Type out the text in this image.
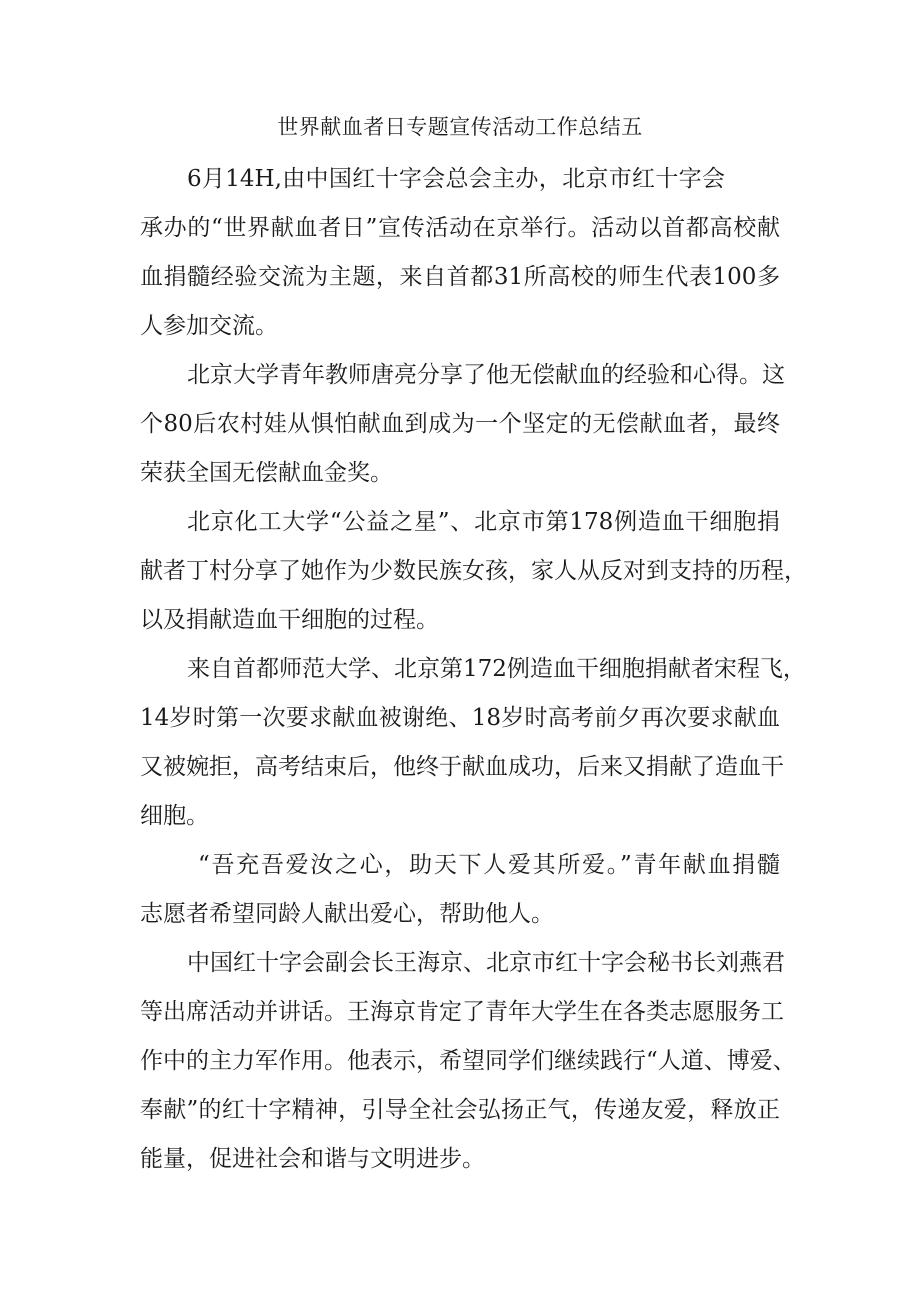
世界献血者日专题宣传活动工作总结五
6月14H,由中国红十字会总会主办，北京市红十字会
承办的“世界献血者日”宣传活动在京举行。活动以首都高校献
血捐髓经验交流为主题，来自首都31所高校的师生代表100多
人参加交流。
北京大学青年教师唐亮分享了他无偿献血的经验和心得。这
个80后农村娃从惧怕献血到成为一个坚定的无偿献血者，最终
荣获全国无偿献血金奖。
北京化工大学“公益之星”、北京市第178例造血干细胞捐
献者丁村分享了她作为少数民族女孩，家人从反对到支持的历程，
以及捐献造血干细胞的过程。
来自首都师范大学、北京第172例造血干细胞捐献者宋程飞，
14岁时第一次要求献血被谢绝、18岁时高考前夕再次要求献血
又被婉拒，高考结束后，他终于献血成功，后来又捐献了造血干
细胞。
“吾充吾爱汝之心，助天下人爱其所爱。”青年献血捐髓
志愿者希望同龄人献出爱心，帮助他人。
中国红十字会副会长王海京、北京市红十字会秘书长刘燕君
等出席活动并讲话。王海京肯定了青年大学生在各类志愿服务工
作中的主力军作用。他表示，希望同学们继续践行“人道、博爱、
奉献”的红十字精神，引导全社会弘扬正气，传递友爱，释放正
能量，促进社会和谐与文明进步。
